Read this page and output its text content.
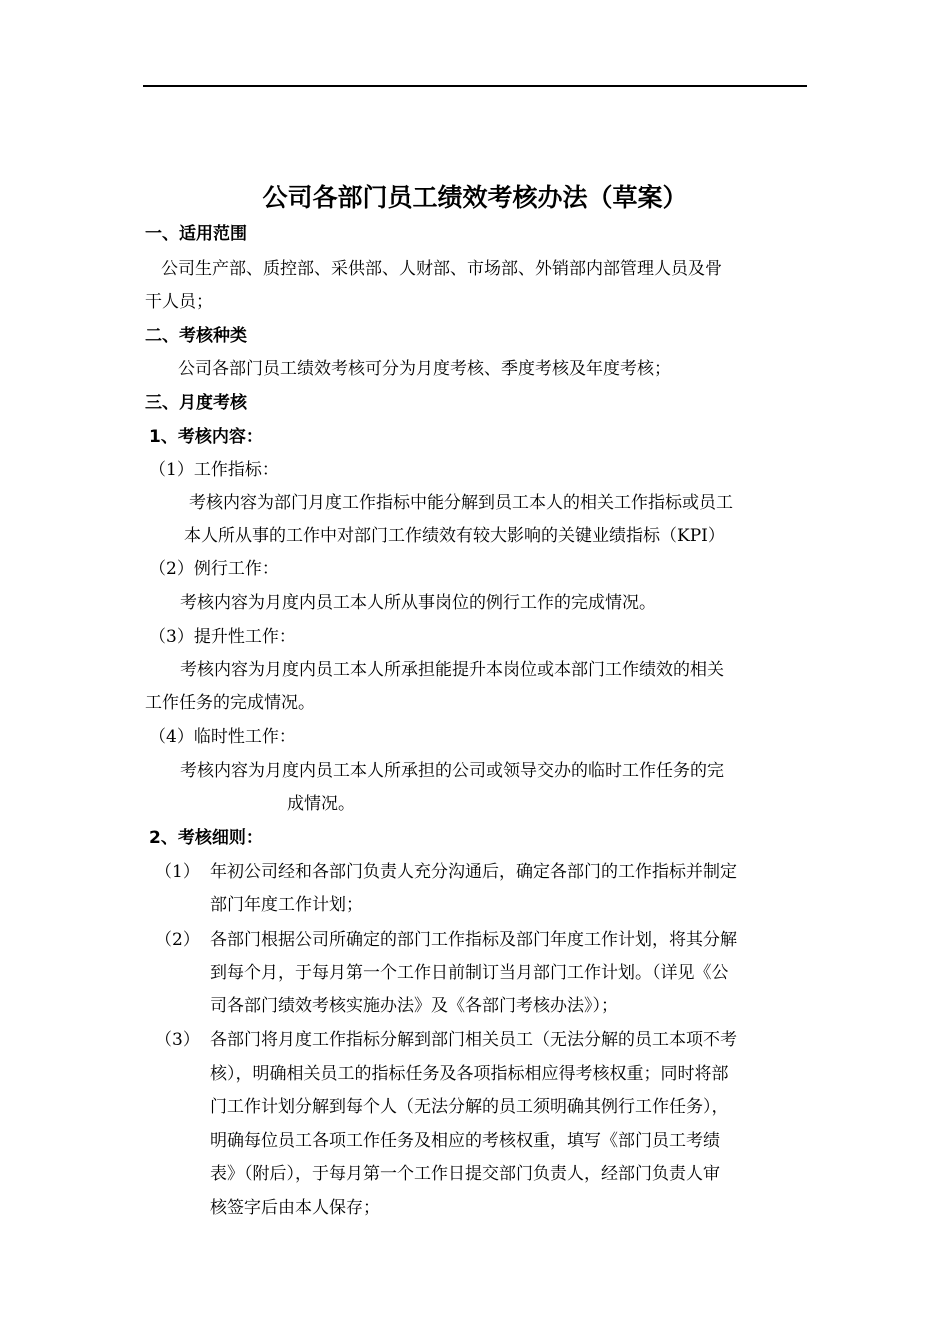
公司各部门员工绩效考核办法（草案）
一、适用范围
公司生产部、质控部、采供部、人财部、市场部、外销部内部管理人员及骨
干人员；
二、考核种类
公司各部门员工绩效考核可分为月度考核、季度考核及年度考核；
三、月度考核
1、考核内容：
（1）工作指标：
考核内容为部门月度工作指标中能分解到员工本人的相关工作指标或员工
本人所从事的工作中对部门工作绩效有较大影响的关键业绩指标（KPI）
（2）例行工作：
考核内容为月度内员工本人所从事岗位的例行工作的完成情况。
（3）提升性工作：
考核内容为月度内员工本人所承担能提升本岗位或本部门工作绩效的相关
工作任务的完成情况。
（4）临时性工作：
考核内容为月度内员工本人所承担的公司或领导交办的临时工作任务的完
成情况。
2、考核细则：
（1） 年初公司经和各部门负责人充分沟通后，确定各部门的工作指标并制定
部门年度工作计划；
（2） 各部门根据公司所确定的部门工作指标及部门年度工作计划，将其分解
到每个月，于每月第一个工作日前制订当月部门工作计划。（详见《公
司各部门绩效考核实施办法》及《各部门考核办法》）；
（3） 各部门将月度工作指标分解到部门相关员工（无法分解的员工本项不考
核），明确相关员工的指标任务及各项指标相应得考核权重；同时将部
门工作计划分解到每个人（无法分解的员工须明确其例行工作任务），
明确每位员工各项工作任务及相应的考核权重，填写《部门员工考绩
表》（附后），于每月第一个工作日提交部门负责人，经部门负责人审
核签字后由本人保存；
